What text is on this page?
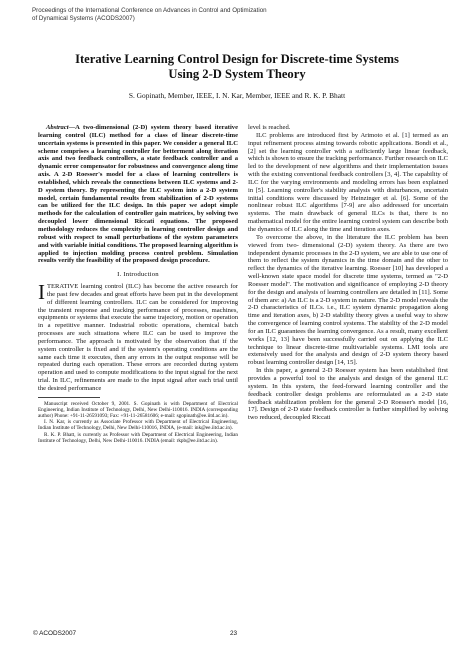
Proceedings of the International Conference on Advances in Control and Optimization
of Dynamical Systems (ACODS2007)
Iterative Learning Control Design for Discrete-time Systems
Using 2-D System Theory
S. Gopinath, Member, IEEE, I. N. Kar, Member, IEEE and R. K. P. Bhatt

Abstract—A two-dimensional (2-D) system theory based iterative learning control (ILC) method for a class of linear discrete-time uncertain systems is presented in this paper. We consider a general ILC scheme comprises a learning controller for betterment along iteration axis and two feedback controllers, a state feedback controller and a dynamic error compensator for robustness and convergence along time axis. A 2-D Roesser's model for a class of learning controllers is established, which reveals the connections between ILC systems and 2-D system theory. By representing the ILC system into a 2-D system model, certain fundamental results from stabilization of 2-D systems can be utilized for the ILC design. In this paper we adopt simple methods for the calculation of controller gain matrices, by solving two decoupled lower dimensional Riccati equations. The proposed methodology reduces the complexity in learning controller design and robust with respect to small perturbations of the system parameters and with variable initial conditions. The proposed learning algorithm is applied to injection molding process control problem. Simulation results verify the feasibility of the proposed design procedure.

I. Introduction

ITERATIVE learning control (ILC) has become the active research for the past few decades and great efforts have been put in the development of different learning controllers. ILC can be considered for improving the transient response and tracking performance of processes, machines, equipments or systems that execute the same trajectory, motion or operation in a repetitive manner. Industrial robotic operations, chemical batch processes are such situations where ILC can be used to improve the performance. The approach is motivated by the observation that if the system controller is fixed and if the system's operating conditions are the same each time it executes, then any errors in the output response will be repeated during each operation. These errors are recorded during system operation and used to compute modifications to the input signal for the next trial. In ILC, refinements are made to the input signal after each trial until the desired performance

Manuscript received October 9, 2001. S. Gopinath is with Department of Electrical Engineering, Indian Institute of Technology, Delhi, New Delhi-110016. INDIA (corresponding author) Phone: +91-11-26591093; Fax: +91-11-26581606; e-mail: sgopinath@ee.iitd.ac.in).

I. N. Kar, is currently as Associate Professor with Department of Electrical Engineering, Indian Institute of Technology, Delhi, New Delhi-110016, INDIA, (e-mail: ink@ee.iitd.ac.in).

R. K. P. Bhatt, is currently as Professor with Department of Electrical Engineering, Indian Institute of Technology, Delhi, New Delhi-110016. INDIA (email: rkpb@ee.iitd.ac.in).

level is reached.

ILC problems are introduced first by Arimoto et al. [1] termed as an input refinement process aiming towards robotic applications. Bondi et al., [2] set the learning controller with a sufficiently large linear feedback, which is shown to ensure the tracking performance. Further research on ILC led to the development of new algorithms and their implementation issues with the existing conventional feedback controllers [3, 4]. The capability of ILC for the varying environments and modeling errors has been explained in [5]. Learning controller's stability analysis with disturbances, uncertain initial conditions were discussed by Heinzinger et al. [6]. Some of the nonlinear robust ILC algorithms [7-9] are also addressed for uncertain systems. The main drawback of general ILCs is that, there is no mathematical model for the entire learning control system can describe both the dynamics of ILC along the time and iteration axes.

To overcome the above, in the literature the ILC problem has been viewed from two- dimensional (2-D) system theory. As there are two independent dynamic processes in the 2-D system, we are able to use one of them to reflect the system dynamics in the time domain and the other to reflect the dynamics of the iterative learning. Roesser [10] has developed a well-known state space model for discrete time systems, termed as "2-D Roesser model". The motivation and significance of employing 2-D theory for the design and analysis of learning controllers are detailed in [11]. Some of them are: a) An ILC is a 2-D system in nature. The 2-D model reveals the 2-D characteristics of ILCs. i.e., ILC system dynamic propagation along time and iteration axes, b) 2-D stability theory gives a useful way to show the convergence of learning control systems. The stability of the 2-D model for an ILC guarantees the learning convergence. As a result, many excellent works [12, 13] have been successfully carried out on applying the ILC technique to linear discrete-time multivariable systems. LMI tools are extensively used for the analysis and design of 2-D system theory based robust learning controller design [14, 15].

In this paper, a general 2-D Roesser system has been established first provides a powerful tool to the analysis and design of the general ILC system. In this system, the feed-forward learning controller and the feedback controller design problems are reformulated as a 2-D state feedback stabilization problem for the general 2-D Roesser's model [16, 17]. Design of 2-D state feedback controller is further simplified by solving two reduced, decoupled Riccati

© ACODS2007	23
